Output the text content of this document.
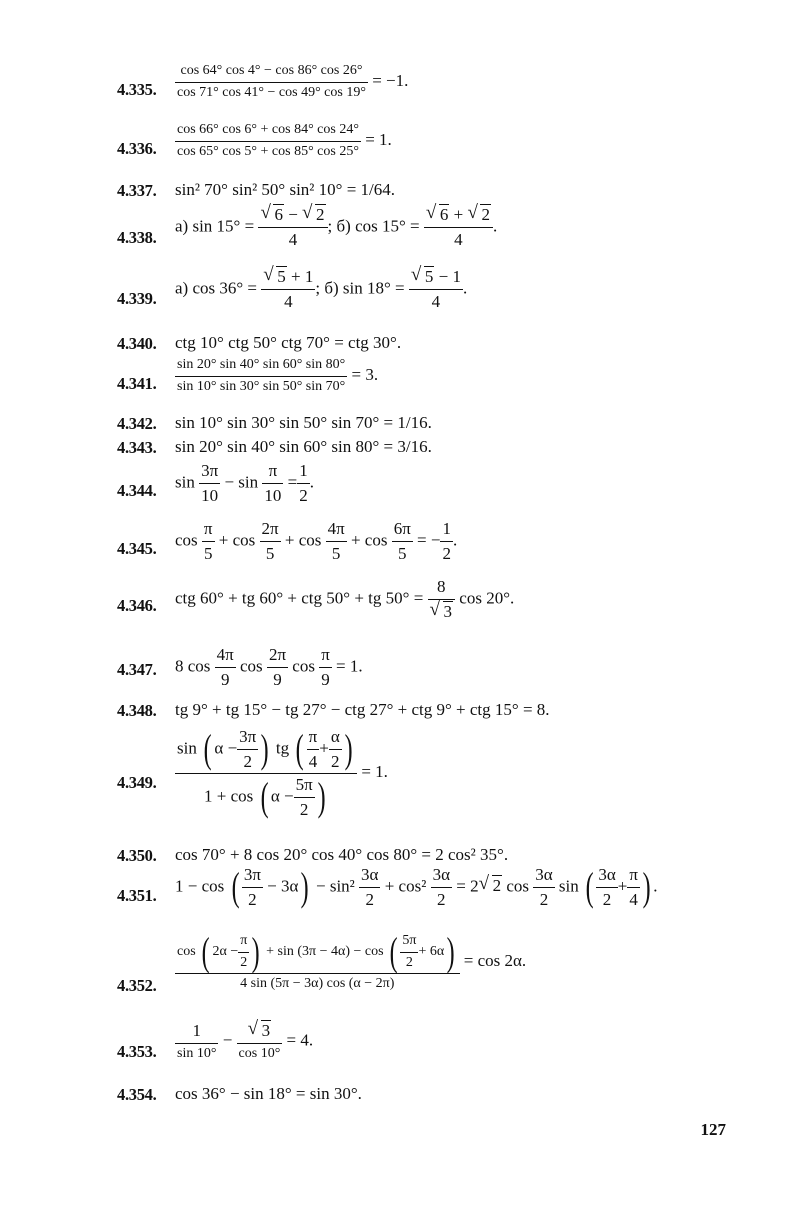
4.335. $\frac{\cos 64^\circ \cos 4^\circ - \cos 86^\circ \cos 26^\circ}{\cos 71^\circ \cos 41^\circ - \cos 49^\circ \cos 19^\circ} = -1$.
4.336. $\frac{\cos 66^\circ \cos 6^\circ + \cos 84^\circ \cos 24^\circ}{\cos 65^\circ \cos 5^\circ + \cos 85^\circ \cos 25^\circ} = 1$.
4.337. sin² 70° sin² 50° sin² 10° = 1/64.
4.338.
а) $\sin 15^\circ = \frac{√ 6 - √ 2}{4}$ ; б) $\cos 15^\circ = \frac{√ 6 + √ 2}{4}$ .
4.339.
а) $\cos 36^\circ = \frac{√ 5 + 1}{4}$ ; б) $\sin 18^\circ = \frac{√ 5 - 1}{4}$ .
4.340. ctg 10° ctg 50° ctg 70° = ctg 30°.
4.341. $\frac{\sin 20^\circ \sin 40^\circ \sin 60^\circ \sin 80^\circ}{\sin 10^\circ \sin 30^\circ \sin 50^\circ \sin 70^\circ} = 3$.
4.342. sin 10° sin 30° sin 50° sin 70° = 1/16.
4.343. sin 20° sin 40° sin 60° sin 80° = 3/16.
4.344. $\sin \frac{3\pi}{10} - \sin \frac{\pi}{10} = \frac{1}{2}$ .
4.345. $\cos \frac{\pi}{5} + \cos \frac{2\pi}{5} + \cos \frac{4\pi}{5} + \cos \frac{6\pi}{5}$ = − $\frac{1}{2}$ .
4.346. ctg 60° + tg 60° + ctg 50° + tg $50^\circ = \frac{8}{√ 3}$ cos 20°.
4.347. 8 $\cos \frac{4\pi}{9}$ $\cos \frac{2\pi}{9}$ $\cos \frac{\pi}{9} = 1$.
4.348. tg 9° + tg 15° − tg 27° − ctg 27° + ctg 9° + ctg 15° = 8.
4.349. $\frac{\sin ( \alpha - \frac{3\pi}{2} ) tg ( \frac{\pi}{4} + \frac{\alpha}{2} )}{1 + \cos ( \alpha - \frac{5\pi}{2} )} = 1$.
4.350. cos 70° + 8 cos 20° cos 40° cos 80° = 2 cos² 35°.
4.351.
1 − cos ( $\frac{3\pi}{2} - 3\alpha) - \sin^2 \frac{3\alpha}{2} + \cos^2 \frac{3\alpha}{2} = 2$ √ 2 $\cos \frac{3\alpha}{2}$ sin ( $\frac{3\alpha}{2} + \frac{\pi}{4}$ ) .
4.352.
cos ( $2\alpha - \frac{\pi}{2}$ ) + sin (3π − 4α) − cos ( $\frac{5\pi}{2} + 6\alpha$)
4 sin (5π − 3α) cos (α − 2π)
= cos 2α.
4.353. $\frac{1}{\sin 10^\circ} - \frac{√ 3}{\cos 10^\circ} = 4$.
4.354. cos 36° − sin 18° = sin 30°.
127
